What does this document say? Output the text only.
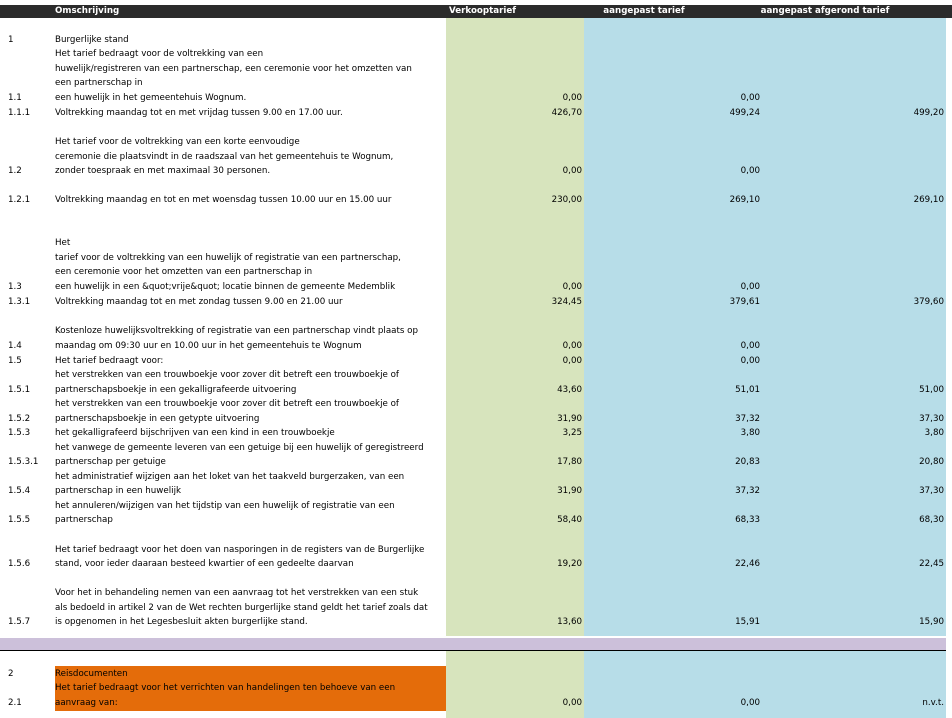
Omschrijving	Verkooptarief	aangepast tarief	aangepast afgerond tarief
1	Burgerlijke stand
Het tarief bedraagt voor de voltrekking van een
huwelijk/registreren van een partnerschap, een ceremonie voor het omzetten van
een partnerschap in
1.1	een huwelijk in het gemeentehuis Wognum.	0,00	0,00
1.1.1	Voltrekking maandag tot en met vrijdag tussen 9.00 en 17.00 uur.	426,70	499,24	499,20
Het tarief voor de voltrekking van een korte eenvoudige
ceremonie die plaatsvindt in de raadszaal van het gemeentehuis te Wognum,
1.2	zonder toespraak en met maximaal 30 personen.	0,00	0,00
1.2.1	Voltrekking maandag en tot en met woensdag tussen 10.00 uur en 15.00 uur	230,00	269,10	269,10
Het
tarief voor de voltrekking van een huwelijk of registratie van een partnerschap,
een ceremonie voor het omzetten van een partnerschap in
1.3	een huwelijk in een &quot;vrije&quot; locatie binnen de gemeente Medemblik	0,00	0,00
1.3.1	Voltrekking maandag tot en met zondag tussen 9.00 en 21.00 uur	324,45	379,61	379,60
Kostenloze huwelijksvoltrekking of registratie van een partnerschap vindt plaats op
1.4	maandag om 09:30 uur en 10.00 uur in het gemeentehuis te Wognum	0,00	0,00
1.5	Het tarief bedraagt voor:	0,00	0,00
het verstrekken van een trouwboekje voor zover dit betreft een trouwboekje of
1.5.1	partnerschapsboekje in een gekalligrafeerde uitvoering	43,60	51,01	51,00
het verstrekken van een trouwboekje voor zover dit betreft een trouwboekje of
1.5.2	partnerschapsboekje in een getypte uitvoering	31,90	37,32	37,30
1.5.3	het gekalligrafeerd bijschrijven van een kind in een trouwboekje	3,25	3,80	3,80
het vanwege de gemeente leveren van een getuige bij een huwelijk of geregistreerd
1.5.3.1	partnerschap per getuige	17,80	20,83	20,80
het administratief wijzigen aan het loket van het taakveld burgerzaken, van een
1.5.4	partnerschap in een huwelijk	31,90	37,32	37,30
het annuleren/wijzigen van het tijdstip van een huwelijk of registratie van een
1.5.5	partnerschap	58,40	68,33	68,30
Het tarief bedraagt voor het doen van nasporingen in de registers van de Burgerlijke
1.5.6	stand, voor ieder daaraan besteed kwartier of een gedeelte daarvan	19,20	22,46	22,45
Voor het in behandeling nemen van een aanvraag tot het verstrekken van een stuk
als bedoeld in artikel 2 van de Wet rechten burgerlijke stand geldt het tarief zoals dat
1.5.7	is opgenomen in het Legesbesluit akten burgerlijke stand.	13,60	15,91	15,90
2	Reisdocumenten
Het tarief bedraagt voor het verrichten van handelingen ten behoeve van een
2.1	aanvraag van:	0,00	0,00	n.v.t.
